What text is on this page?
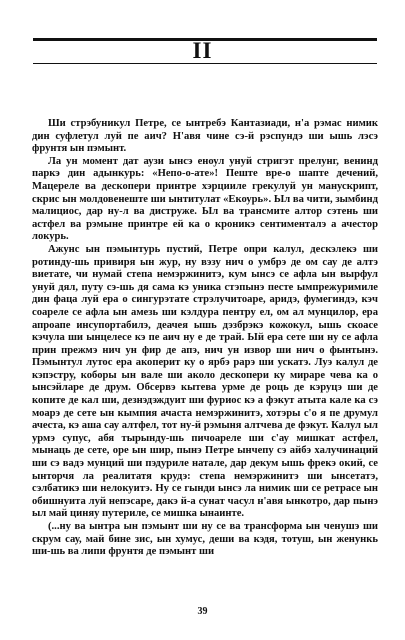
II

Ши стрэбуникул Петре, се ынтребэ Кантазиади, н'а рэмас нимик дин суфлетул луй пе аич? Н'авя чине сэ-й рэспундэ ши ышь лэсэ фрунтя ын пэмынт.

Ла ун момент дат аузи ынсэ еноул унуй стригэт прелунг, венинд паркэ дин адынкурь: «Непо-о-ате»! Пеште вре-о шапте дечений, Мацереле ва дескопери принтре хэрцииле грекулуй ун манускрипт, скрис ын молдовенеште ши ынтитулат «Екоурь». Ыл ва чити, зымбинд малициос, дар ну-л ва дистружe. Ыл ва трансмите алтор сэтень ши астфел ва рэмыне принтре ей ка о кроникэ сентименталэ а ачестор локурь.

Ажунс ын пэмынтурь пустий, Петре опри калул, дескэлекэ ши ротинду-шь привиря ын жур, ну вэзу нич о умбрэ де ом сау де алтэ виетате, чи нумай степа немэржинитэ, кум ынсэ се афла ын вырфул унуй дял, путу сэ-шь дя сама кэ уника стэпынэ песте ымпрежуримиле дин фаца луй ера о сингурэтате стрэлучитоаре, аридэ, фумегиндэ, кэч соареле се афла ын амезь ши кэлдура пентру ел, ом ал мунцилор, ера апроапе инсупортабилэ, деачея ышь дэзбрэкэ кожокул, ышь скоасе кэчула ши ынцелесе кэ пе аич ну е де трай. Ый ера сете ши ну се афла прин прежмэ нич ун фир де апэ, нич ун извор ши нич о фынтынэ. Пэмынтул лутос ера акоперит ку о ярбэ рарэ ши ускатэ. Луэ калул де кэпэстру, коборы ын вале ши аколо дескопери ку мираре чева ка о ынсэйларе де друм. Обсервэ кытева урме де роць де кэруцэ ши де копите де кал ши, дезнэдэждуит ши фуриос кэ а фэкут атыта кале ка сэ моарэ де сете ын кымпия ачаста немэржинитэ, хотэры с'о я пе друмул ачеста, кэ ашa сау алтфел, тот ну-й рэмыня алтчева де фэкут. Калул ыл урмэ супус, абя тырынду-шь пичоареле ши с'ау мишкат астфел, мынаць де сете, оре ын шир, пынэ Петре ынчепу сэ айбэ халучинаций ши сэ вадэ мунций ши пэдуриле натале, дар декум ышь фрекэ окий, се ынторчя ла реалитатя крудэ: степа немэржинитэ ши ынсетатэ, сэлбатикэ ши нелокуитэ. Ну се гынди ынсэ ла нимик ши се ретрасе ын обишнуита луй непэсаре, дакэ й-а сунат часул н'авя ынкотро, дар пынэ ыл май циняу путериле, се мишка ынаинте.

(...ну ва ынтра ын пэмынт ши ну се ва трансформа ын ченушэ ши скрум сау, май бине зис, ын хумус, деши ва кэдя, тотуш, ын женункь ши-шь ва липи фрунтя де пэмынт ши

39
